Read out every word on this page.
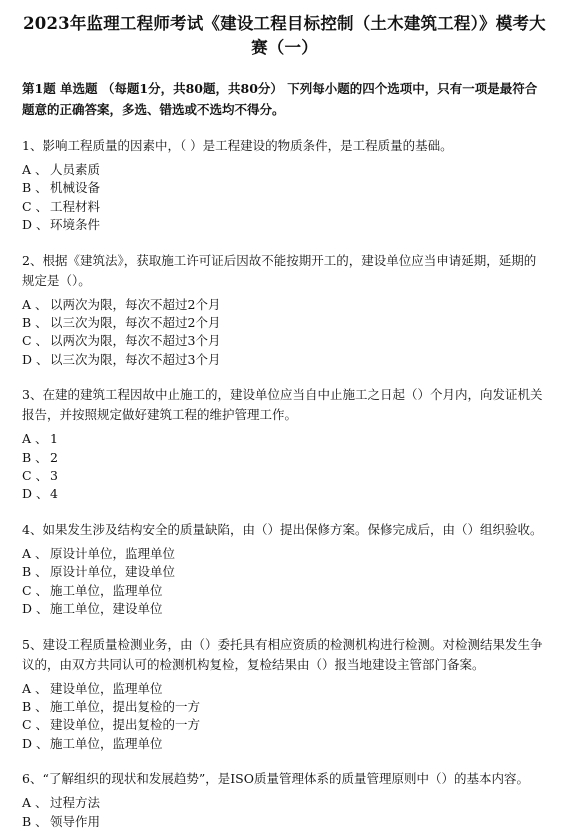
2023年监理工程师考试《建设工程目标控制（土木建筑工程）》模考大赛（一）
第1题 单选题 （每题1分，共80题，共80分） 下列每小题的四个选项中，只有一项是最符合题意的正确答案，多选、错选或不选均不得分。

1、影响工程质量的因素中，（ ）是工程建设的物质条件，是工程质量的基础。

A 、 人员素质
B 、 机械设备
C 、 工程材料
D 、 环境条件

2、根据《建筑法》，获取施工许可证后因故不能按期开工的，建设单位应当申请延期，延期的规定是（）。

A 、 以两次为限，每次不超过2个月
B 、 以三次为限，每次不超过2个月
C 、 以两次为限，每次不超过3个月
D 、 以三次为限，每次不超过3个月

3、在建的建筑工程因故中止施工的，建设单位应当自中止施工之日起（）个月内，向发证机关报告，并按照规定做好建筑工程的维护管理工作。

A 、 1
B 、 2
C 、 3
D 、 4

4、如果发生涉及结构安全的质量缺陷，由（）提出保修方案。保修完成后，由（）组织验收。

A 、 原设计单位，监理单位
B 、 原设计单位，建设单位
C 、 施工单位，监理单位
D 、 施工单位，建设单位

5、建设工程质量检测业务，由（）委托具有相应资质的检测机构进行检测。对检测结果发生争议的，由双方共同认可的检测机构复检，复检结果由（）报当地建设主管部门备案。

A 、 建设单位，监理单位
B 、 施工单位，提出复检的一方
C 、 建设单位，提出复检的一方
D 、 施工单位，监理单位

6、“了解组织的现状和发展趋势”，是ISO质量管理体系的质量管理原则中（）的基本内容。

A 、 过程方法
B 、 领导作用
